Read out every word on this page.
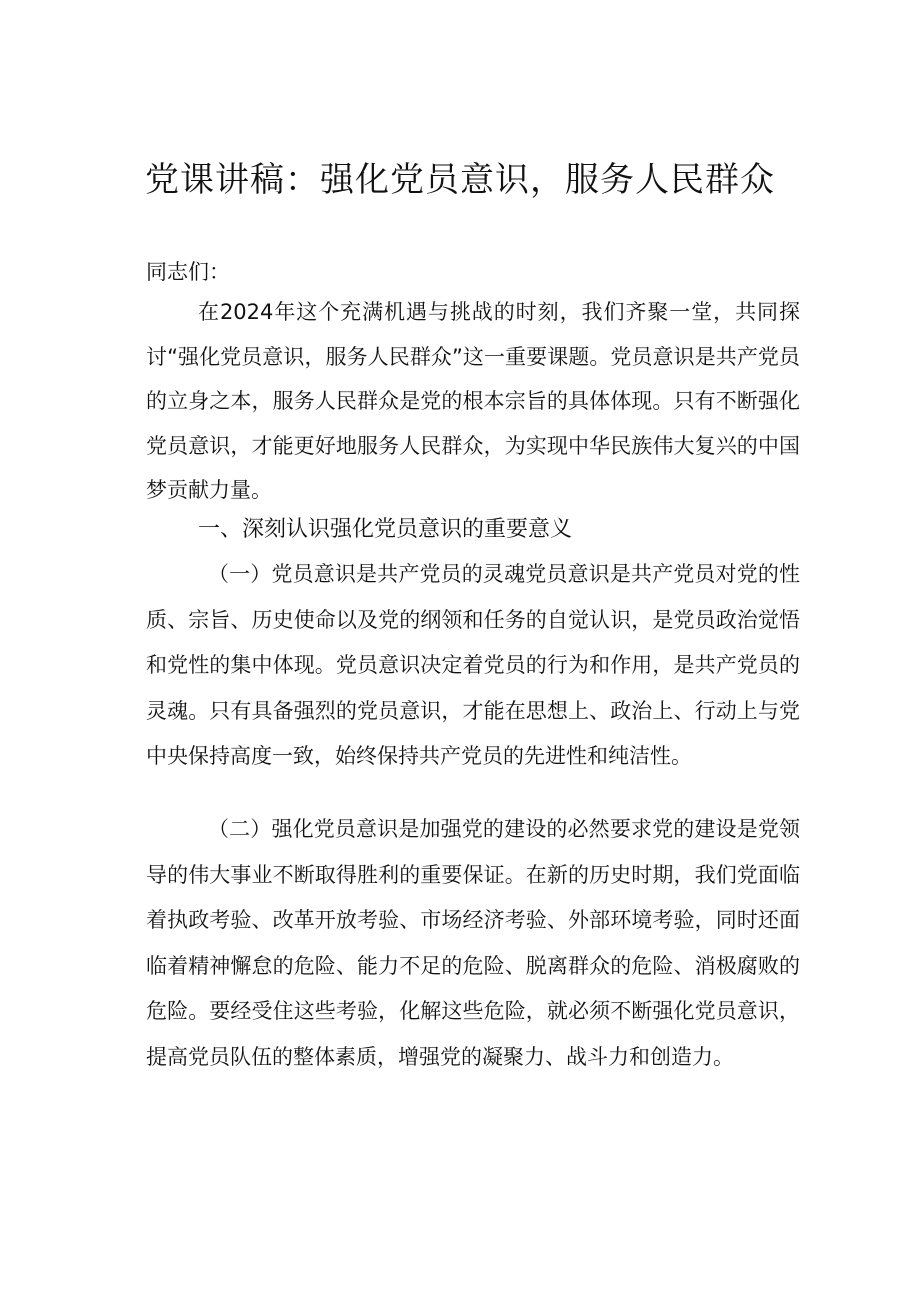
党课讲稿：强化党员意识，服务人民群众

同志们：

在2024年这个充满机遇与挑战的时刻，我们齐聚一堂，共同探讨“强化党员意识，服务人民群众”这一重要课题。党员意识是共产党员的立身之本，服务人民群众是党的根本宗旨的具体体现。只有不断强化党员意识，才能更好地服务人民群众，为实现中华民族伟大复兴的中国梦贡献力量。

一、深刻认识强化党员意识的重要意义

（一）党员意识是共产党员的灵魂党员意识是共产党员对党的性质、宗旨、历史使命以及党的纲领和任务的自觉认识，是党员政治觉悟和党性的集中体现。党员意识决定着党员的行为和作用，是共产党员的灵魂。只有具备强烈的党员意识，才能在思想上、政治上、行动上与党中央保持高度一致，始终保持共产党员的先进性和纯洁性。

（二）强化党员意识是加强党的建设的必然要求党的建设是党领导的伟大事业不断取得胜利的重要保证。在新的历史时期，我们党面临着执政考验、改革开放考验、市场经济考验、外部环境考验，同时还面临着精神懈怠的危险、能力不足的危险、脱离群众的危险、消极腐败的危险。要经受住这些考验，化解这些危险，就必须不断强化党员意识，提高党员队伍的整体素质，增强党的凝聚力、战斗力和创造力。
